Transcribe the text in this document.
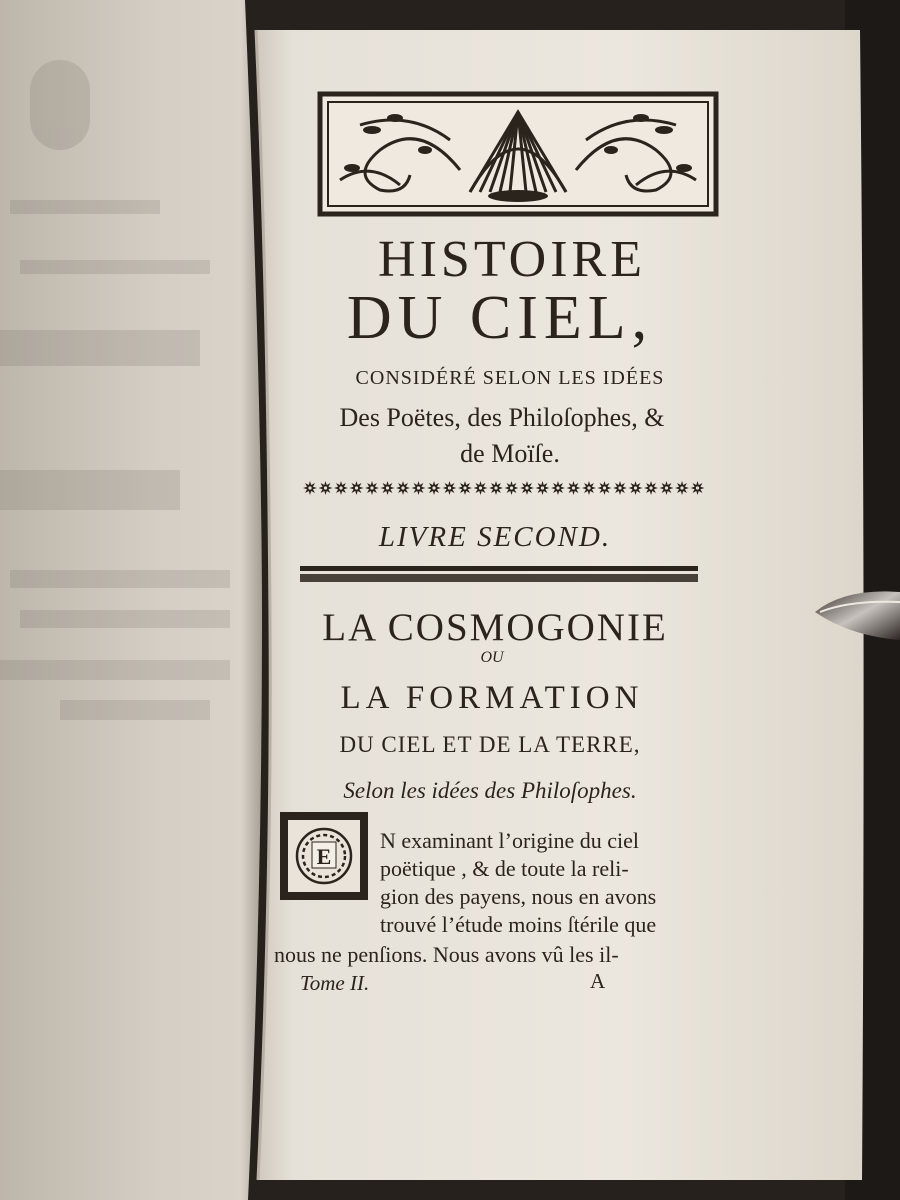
HISTOIRE
DU CIEL,
CONSIDÉRÉ SELON LES IDÉES
Des Poëtes, des Philoſophes, &
de Moïſe.
LIVRE SECOND.
LA COSMOGONIE
OU
LA FORMATION
DU CIEL ET DE LA TERRE,
Selon les idées des Philoſophes.
E
N examinant l’origine du ciel
poëtique , & de toute la reli-
gion des payens, nous en avons
trouvé l’étude moins ſtérile que
nous ne penſions. Nous avons vû les il-
Tome II.	A
